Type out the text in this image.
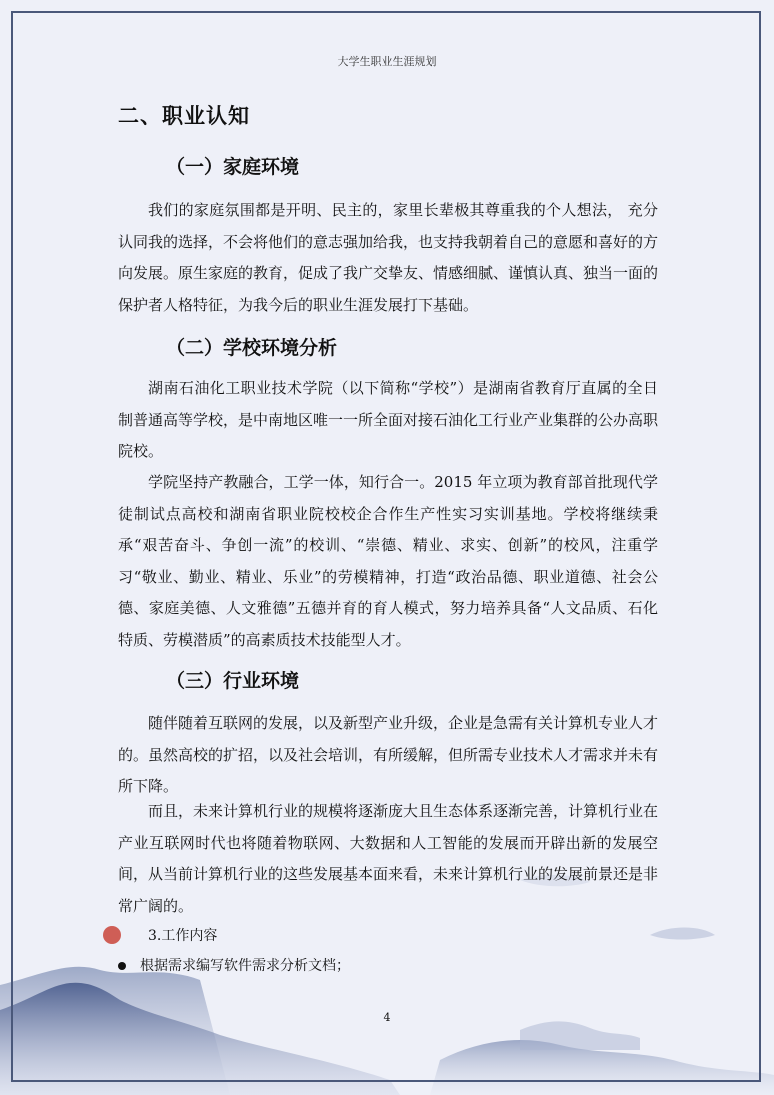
大学生职业生涯规划
二、职业认知
（一）家庭环境

我们的家庭氛围都是开明、民主的，家里长辈极其尊重我的个人想法， 充分认同我的选择，不会将他们的意志强加给我，也支持我朝着自己的意愿和喜好的方向发展。原生家庭的教育，促成了我广交挚友、情感细腻、谨慎认真、独当一面的保护者人格特征，为我今后的职业生涯发展打下基础。

（二）学校环境分析

湖南石油化工职业技术学院（以下简称“学校”）是湖南省教育厅直属的全日制普通高等学校，是中南地区唯一一所全面对接石油化工行业产业集群的公办高职院校。

学院坚持产教融合，工学一体，知行合一。2015 年立项为教育部首批现代学徒制试点高校和湖南省职业院校校企合作生产性实习实训基地。学校将继续秉承“艰苦奋斗、争创一流”的校训、“崇德、精业、求实、创新”的校风，注重学习“敬业、勤业、精业、乐业”的劳模精神，打造“政治品德、职业道德、社会公德、家庭美德、人文雅德”五德并育的育人模式，努力培养具备“人文品质、石化特质、劳模潜质”的高素质技术技能型人才。

（三）行业环境

随伴随着互联网的发展，以及新型产业升级，企业是急需有关计算机专业人才的。虽然高校的扩招，以及社会培训，有所缓解，但所需专业技术人才需求并未有所下降。

而且，未来计算机行业的规模将逐渐庞大且生态体系逐渐完善，计算机行业在产业互联网时代也将随着物联网、大数据和人工智能的发展而开辟出新的发展空间，从当前计算机行业的这些发展基本面来看，未来计算机行业的发展前景还是非常广阔的。

3.工作内容
根据需求编写软件需求分析文档；
4
